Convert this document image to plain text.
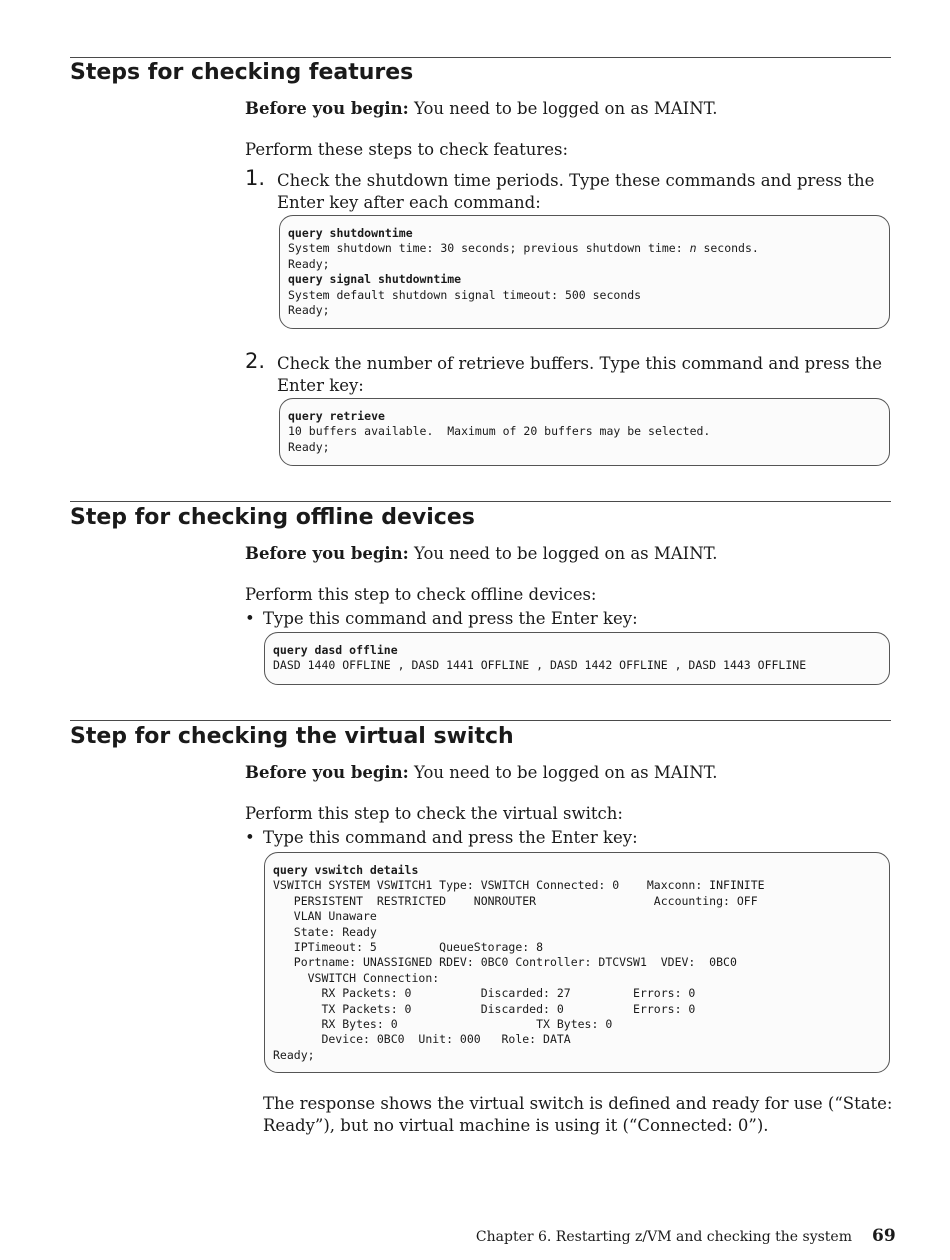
Steps for checking features
Before you begin: You need to be logged on as MAINT.
Perform these steps to check features:
1. Check the shutdown time periods. Type these commands and press the Enter key after each command:
query shutdowntime
System shutdown time: 30 seconds; previous shutdown time: n seconds.
Ready;
query signal shutdowntime
System default shutdown signal timeout: 500 seconds
Ready;
2. Check the number of retrieve buffers. Type this command and press the Enter key:
query retrieve
10 buffers available.  Maximum of 20 buffers may be selected.
Ready;
Step for checking offline devices
Before you begin: You need to be logged on as MAINT.
Perform this step to check offline devices:
• Type this command and press the Enter key:
query dasd offline
DASD 1440 OFFLINE , DASD 1441 OFFLINE , DASD 1442 OFFLINE , DASD 1443 OFFLINE
Step for checking the virtual switch
Before you begin: You need to be logged on as MAINT.
Perform this step to check the virtual switch:
• Type this command and press the Enter key:
query vswitch details
VSWITCH SYSTEM VSWITCH1 Type: VSWITCH Connected: 0    Maxconn: INFINITE
PERSISTENT  RESTRICTED    NONROUTER                 Accounting: OFF
VLAN Unaware
State: Ready
IPTimeout: 5         QueueStorage: 8
Portname: UNASSIGNED RDEV: 0BC0 Controller: DTCVSW1  VDEV:  0BC0
VSWITCH Connection:
RX Packets: 0          Discarded: 27         Errors: 0
TX Packets: 0          Discarded: 0          Errors: 0
RX Bytes: 0                    TX Bytes: 0
Device: 0BC0  Unit: 000   Role: DATA
Ready;
The response shows the virtual switch is defined and ready for use (“State:
Ready”), but no virtual machine is using it (“Connected: 0”).
Chapter 6. Restarting z/VM and checking the system 69
